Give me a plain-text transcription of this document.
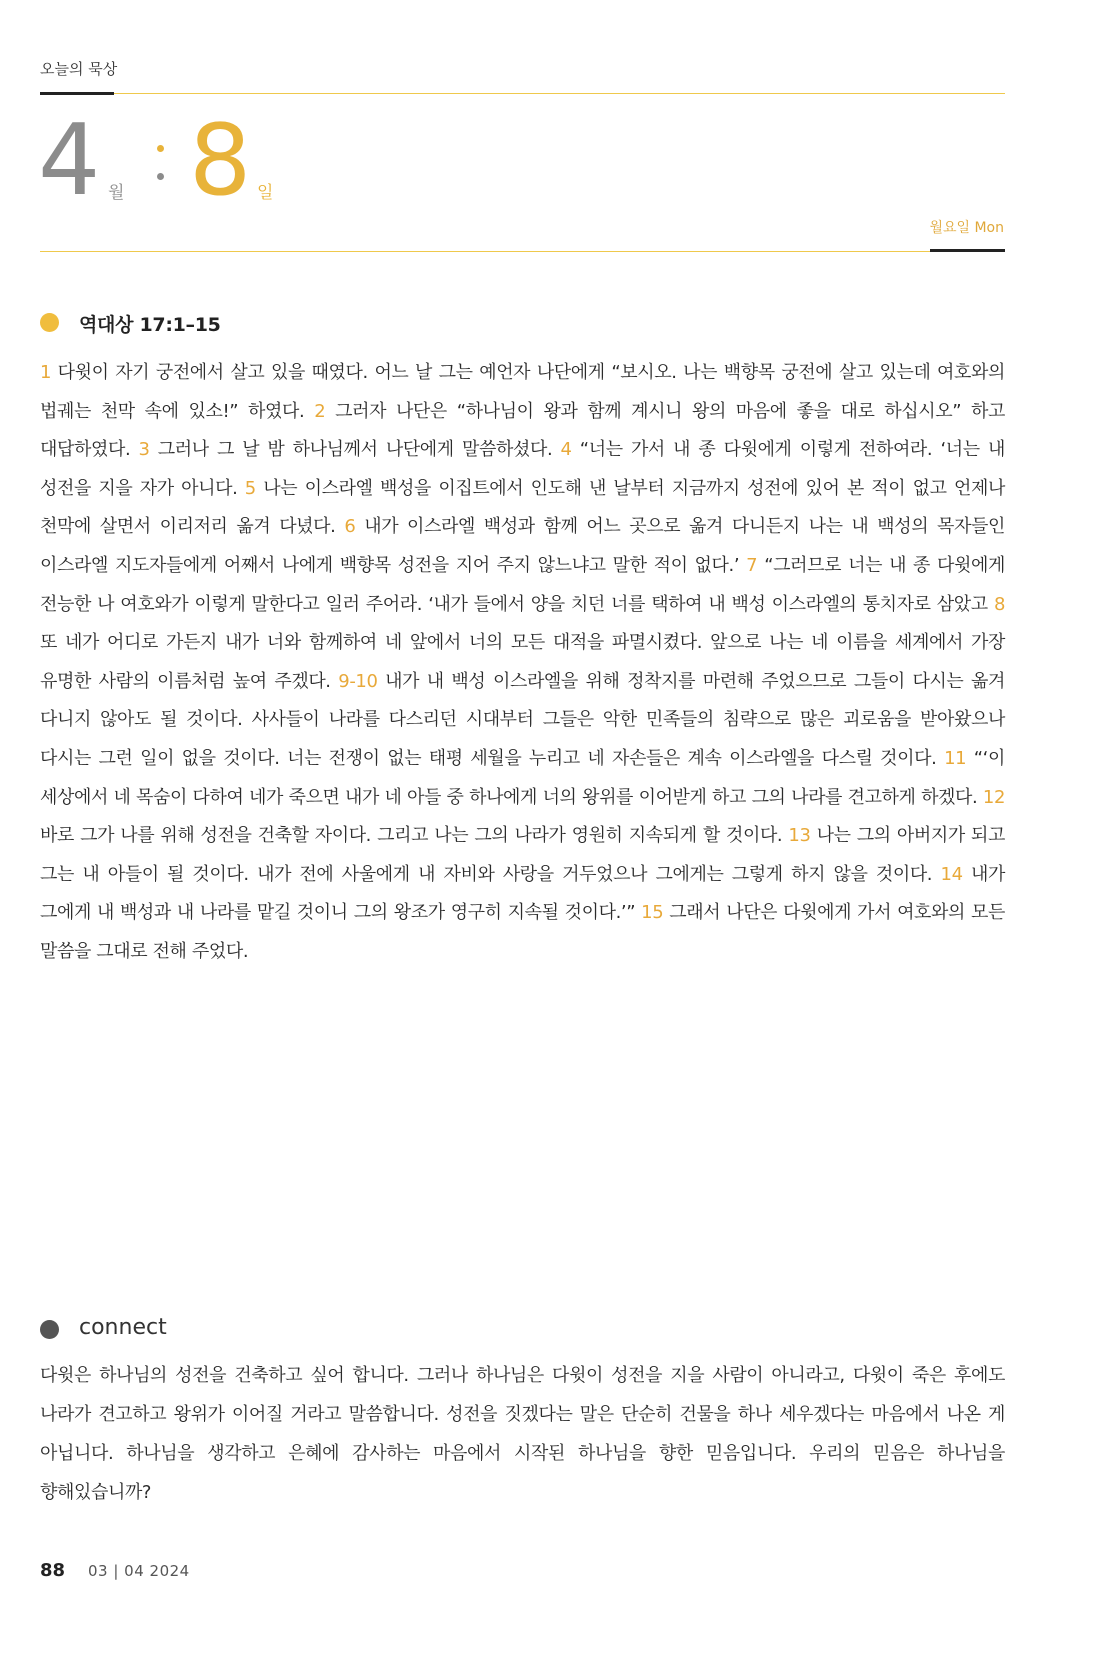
오늘의 묵상
4 월 8 일
월요일 Mon
역대상 17:1–15
1 다윗이 자기 궁전에서 살고 있을 때였다. 어느 날 그는 예언자 나단에게 “보시오. 나는 백향목 궁전에 살고 있는데 여호와의 법궤는 천막 속에 있소!” 하였다. 2 그러자 나단은 “하나님이 왕과 함께 계시니 왕의 마음에 좋을 대로 하십시오” 하고 대답하였다. 3 그러나 그 날 밤 하나님께서 나단에게 말씀하셨다. 4 “너는 가서 내 종 다윗에게 이렇게 전하여라. ‘너는 내 성전을 지을 자가 아니다. 5 나는 이스라엘 백성을 이집트에서 인도해 낸 날부터 지금까지 성전에 있어 본 적이 없고 언제나 천막에 살면서 이리저리 옮겨 다녔다. 6 내가 이스라엘 백성과 함께 어느 곳으로 옮겨 다니든지 나는 내 백성의 목자들인 이스라엘 지도자들에게 어째서 나에게 백향목 성전을 지어 주지 않느냐고 말한 적이 없다.’ 7 “그러므로 너는 내 종 다윗에게 전능한 나 여호와가 이렇게 말한다고 일러 주어라. ‘내가 들에서 양을 치던 너를 택하여 내 백성 이스라엘의 통치자로 삼았고 8 또 네가 어디로 가든지 내가 너와 함께하여 네 앞에서 너의 모든 대적을 파멸시켰다. 앞으로 나는 네 이름을 세계에서 가장 유명한 사람의 이름처럼 높여 주겠다. 9-10 내가 내 백성 이스라엘을 위해 정착지를 마련해 주었으므로 그들이 다시는 옮겨 다니지 않아도 될 것이다. 사사들이 나라를 다스리던 시대부터 그들은 악한 민족들의 침략으로 많은 괴로움을 받아왔으나 다시는 그런 일이 없을 것이다. 너는 전쟁이 없는 태평 세월을 누리고 네 자손들은 계속 이스라엘을 다스릴 것이다. 11 “‘이 세상에서 네 목숨이 다하여 네가 죽으면 내가 네 아들 중 하나에게 너의 왕위를 이어받게 하고 그의 나라를 견고하게 하겠다. 12 바로 그가 나를 위해 성전을 건축할 자이다. 그리고 나는 그의 나라가 영원히 지속되게 할 것이다. 13 나는 그의 아버지가 되고 그는 내 아들이 될 것이다. 내가 전에 사울에게 내 자비와 사랑을 거두었으나 그에게는 그렇게 하지 않을 것이다. 14 내가 그에게 내 백성과 내 나라를 맡길 것이니 그의 왕조가 영구히 지속될 것이다.’” 15 그래서 나단은 다윗에게 가서 여호와의 모든 말씀을 그대로 전해 주었다.
connect
다윗은 하나님의 성전을 건축하고 싶어 합니다. 그러나 하나님은 다윗이 성전을 지을 사람이 아니라고, 다윗이 죽은 후에도 나라가 견고하고 왕위가 이어질 거라고 말씀합니다. 성전을 짓겠다는 말은 단순히 건물을 하나 세우겠다는 마음에서 나온 게 아닙니다. 하나님을 생각하고 은혜에 감사하는 마음에서 시작된 하나님을 향한 믿음입니다. 우리의 믿음은 하나님을 향해있습니까?
88 03 | 04 2024
